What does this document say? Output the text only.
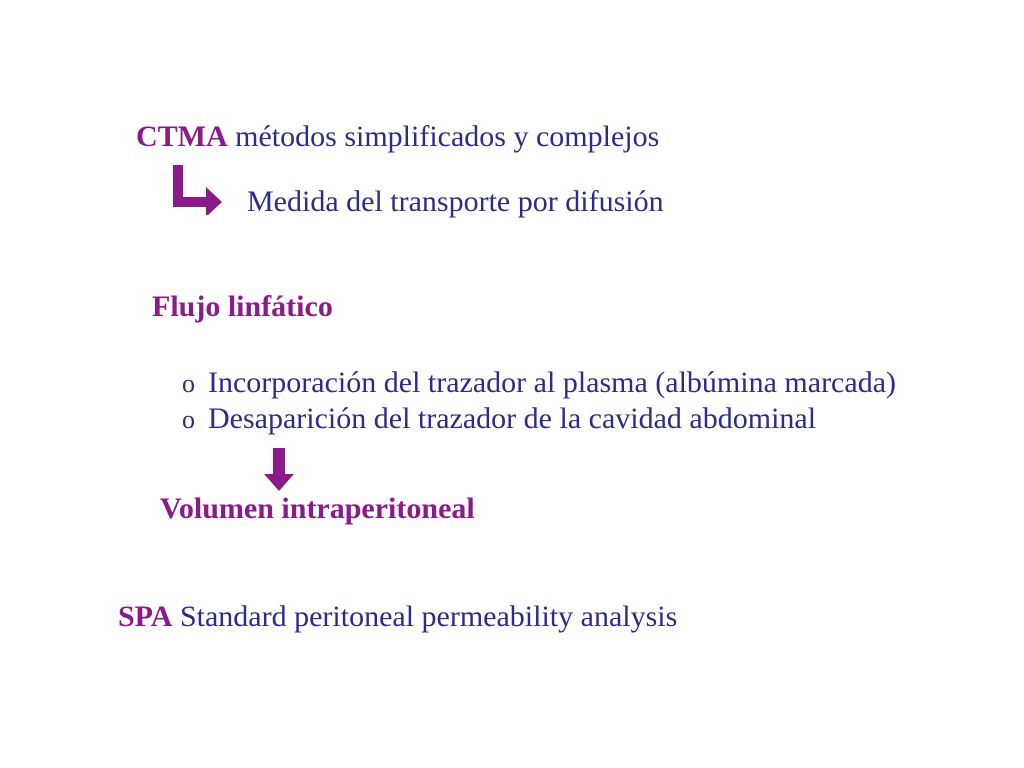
CTMA métodos simplificados y complejos
Medida del transporte por difusión
Flujo linfático
o Incorporación del trazador al plasma (albúmina marcada)
o Desaparición del trazador de la cavidad abdominal
Volumen intraperitoneal
SPA Standard peritoneal permeability analysis
